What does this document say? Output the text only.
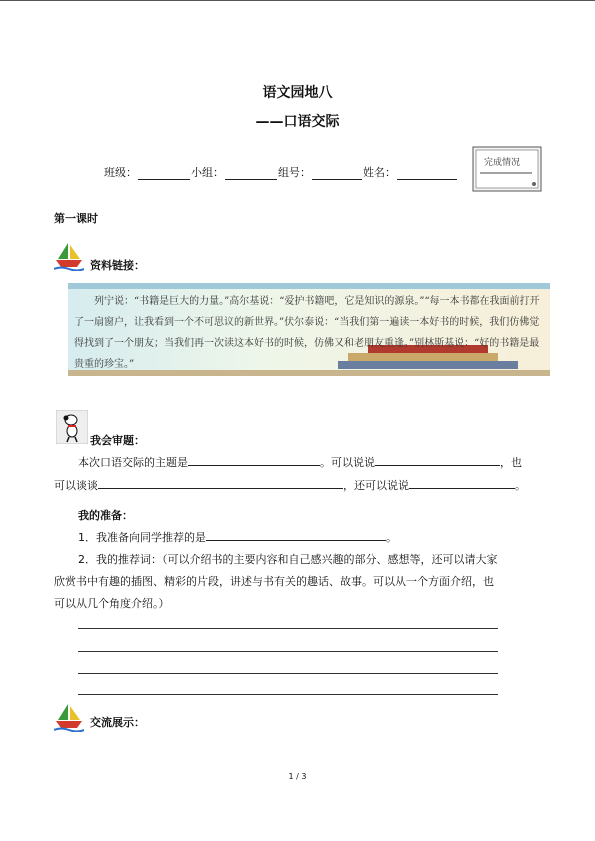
语文园地八
——口语交际
班级：	小组：	组号：	姓名：
完成情况
第一课时
资料链接：
列宁说：“书籍是巨大的力量。”高尔基说：“爱护书籍吧，它是知识的源泉。”“每一本书都在我面前打开了一扇窗户，让我看到一个不可思议的新世界。”伏尔泰说：“当我们第一遍读一本好书的时候，我们仿佛觉得找到了一个朋友；当我们再一次读这本好书的时候，仿佛又和老朋友重逢。”别林斯基说：“好的书籍是最贵重的珍宝。”
我会审题：
本次口语交际的主题是	。可以说说	，也
可以谈谈	，还可以说说	。
我的准备：
1．我准备向同学推荐的是	。
2．我的推荐词：（可以介绍书的主要内容和自己感兴趣的部分、感想等，还可以请大家
欣赏书中有趣的插图、精彩的片段，讲述与书有关的趣话、故事。可以从一个方面介绍，也
可以从几个角度介绍。）
交流展示：
1 / 3
